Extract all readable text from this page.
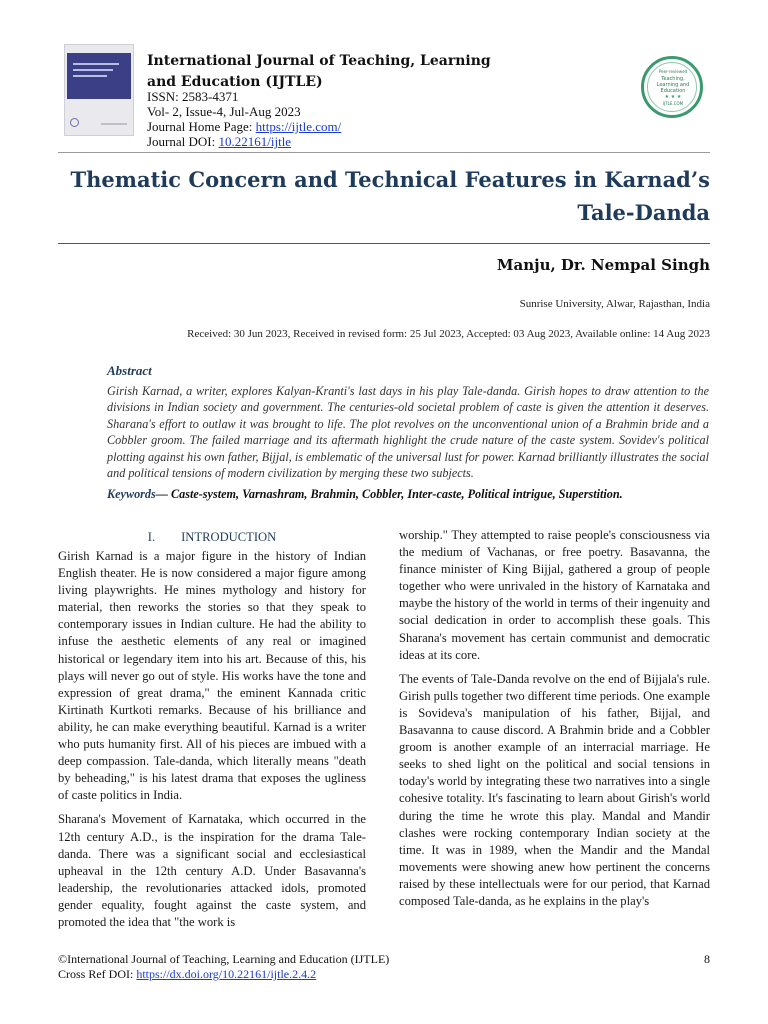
International Journal of Teaching, Learning and Education (IJTLE)
ISSN: 2583-4371
Vol- 2, Issue-4, Jul-Aug 2023
Journal Home Page: https://ijtle.com/
Journal DOI: 10.22161/ijtle
Peer-reviewed
Teaching, Learning and Education
★ ★ ★
IJTLE.COM
Thematic Concern and Technical Features in Karnad’s Tale-Danda
Manju, Dr. Nempal Singh
Sunrise University, Alwar, Rajasthan, India
Received: 30 Jun 2023, Received in revised form: 25 Jul 2023, Accepted: 03 Aug 2023, Available online: 14 Aug 2023
Abstract
Girish Karnad, a writer, explores Kalyan-Kranti's last days in his play Tale-danda. Girish hopes to draw attention to the divisions in Indian society and government. The centuries-old societal problem of caste is given the attention it deserves. Sharana's effort to outlaw it was brought to life. The plot revolves on the unconventional union of a Brahmin bride and a Cobbler groom. The failed marriage and its aftermath highlight the crude nature of the caste system. Sovidev's political plotting against his own father, Bijjal, is emblematic of the universal lust for power. Karnad brilliantly illustrates the social and political tensions of modern civilization by merging these two subjects.
Keywords— Caste-system, Varnashram, Brahmin, Cobbler, Inter-caste, Political intrigue, Superstition.
I. INTRODUCTION

Girish Karnad is a major figure in the history of Indian English theater. He is now considered a major figure among living playwrights. He mines mythology and history for material, then reworks the stories so that they speak to contemporary issues in Indian culture. He had the ability to infuse the aesthetic elements of any real or imagined historical or legendary item into his art. Because of this, his plays will never go out of style. His works have the tone and expression of great drama," the eminent Kannada critic Kirtinath Kurtkoti remarks. Because of his brilliance and ability, he can make everything beautiful. Karnad is a writer who puts humanity first. All of his pieces are imbued with a deep compassion. Tale-danda, which literally means "death by beheading," is his latest drama that exposes the ugliness of caste politics in India.

Sharana's Movement of Karnataka, which occurred in the 12th century A.D., is the inspiration for the drama Tale-danda. There was a significant social and ecclesiastical upheaval in the 12th century A.D. Under Basavanna's leadership, the revolutionaries attacked idols, promoted gender equality, fought against the caste system, and promoted the idea that "the work is

worship." They attempted to raise people's consciousness via the medium of Vachanas, or free poetry. Basavanna, the finance minister of King Bijjal, gathered a group of people together who were unrivaled in the history of Karnataka and maybe the history of the world in terms of their ingenuity and social dedication in order to accomplish these goals. This Sharana's movement has certain communist and democratic ideas at its core.

The events of Tale-Danda revolve on the end of Bijjala's rule. Girish pulls together two different time periods. One example is Sovideva's manipulation of his father, Bijjal, and Basavanna to cause discord. A Brahmin bride and a Cobbler groom is another example of an interracial marriage. He seeks to shed light on the political and social tensions in today's world by integrating these two narratives into a single cohesive totality. It's fascinating to learn about Girish's world during the time he wrote this play. Mandal and Mandir clashes were rocking contemporary Indian society at the time. It was in 1989, when the Mandir and the Mandal movements were showing anew how pertinent the concerns raised by these intellectuals were for our period, that Karnad composed Tale-danda, as he explains in the play's

©International Journal of Teaching, Learning and Education (IJTLE)
Cross Ref DOI: https://dx.doi.org/10.22161/ijtle.2.4.2
8
